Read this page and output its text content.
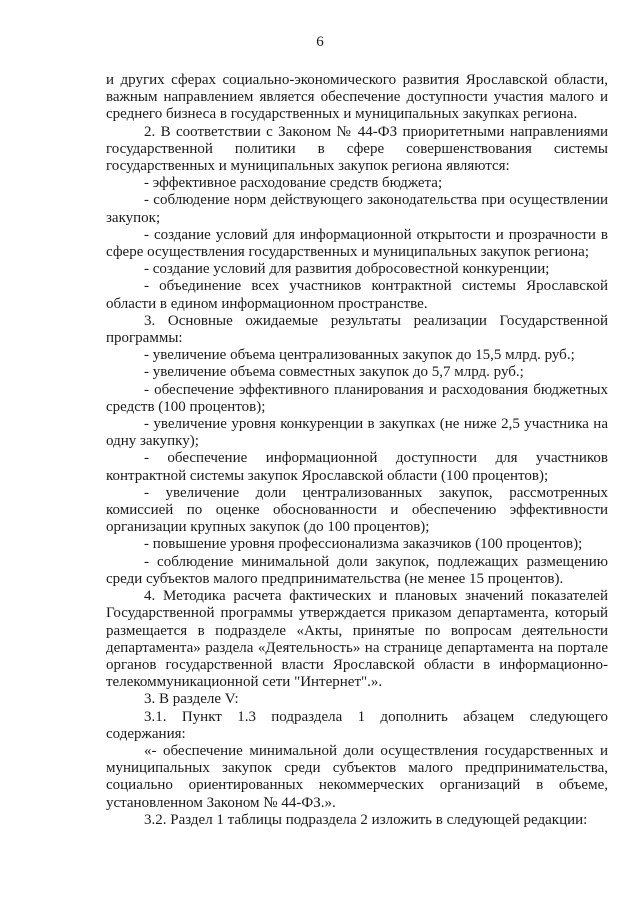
6

и других сферах социально-экономического развития Ярославской области, важным направлением является обеспечение доступности участия малого и среднего бизнеса в государственных и муниципальных закупках региона.

2. В соответствии с Законом № 44-ФЗ приоритетными направлениями государственной политики в сфере совершенствования системы государственных и муниципальных закупок региона являются:

- эффективное расходование средств бюджета;

- соблюдение норм действующего законодательства при осуществлении закупок;

- создание условий для информационной открытости и прозрачности в сфере осуществления государственных и муниципальных закупок региона;

- создание условий для развития добросовестной конкуренции;

- объединение всех участников контрактной системы Ярославской области в едином информационном пространстве.

3. Основные ожидаемые результаты реализации Государственной программы:

- увеличение объема централизованных закупок до 15,5 млрд. руб.;

- увеличение объема совместных закупок до 5,7 млрд. руб.;

- обеспечение эффективного планирования и расходования бюджетных средств (100 процентов);

- увеличение уровня конкуренции в закупках (не ниже 2,5 участника на одну закупку);

- обеспечение информационной доступности для участников контрактной системы закупок Ярославской области (100 процентов);

- увеличение доли централизованных закупок, рассмотренных комиссией по оценке обоснованности и обеспечению эффективности организации крупных закупок (до 100 процентов);

- повышение уровня профессионализма заказчиков (100 процентов);

- соблюдение минимальной доли закупок, подлежащих размещению среди субъектов малого предпринимательства (не менее 15 процентов).

4. Методика расчета фактических и плановых значений показателей Государственной программы утверждается приказом департамента, который размещается в подразделе «Акты, принятые по вопросам деятельности департамента» раздела «Деятельность» на странице департамента на портале органов государственной власти Ярославской области в информационно-телекоммуникационной сети "Интернет".».

3. В разделе V:

3.1. Пункт 1.3 подраздела 1 дополнить абзацем следующего содержания:

«- обеспечение минимальной доли осуществления государственных и муниципальных закупок среди субъектов малого предпринимательства, социально ориентированных некоммерческих организаций в объеме, установленном Законом № 44-ФЗ.».

3.2. Раздел 1 таблицы подраздела 2 изложить в следующей редакции:
